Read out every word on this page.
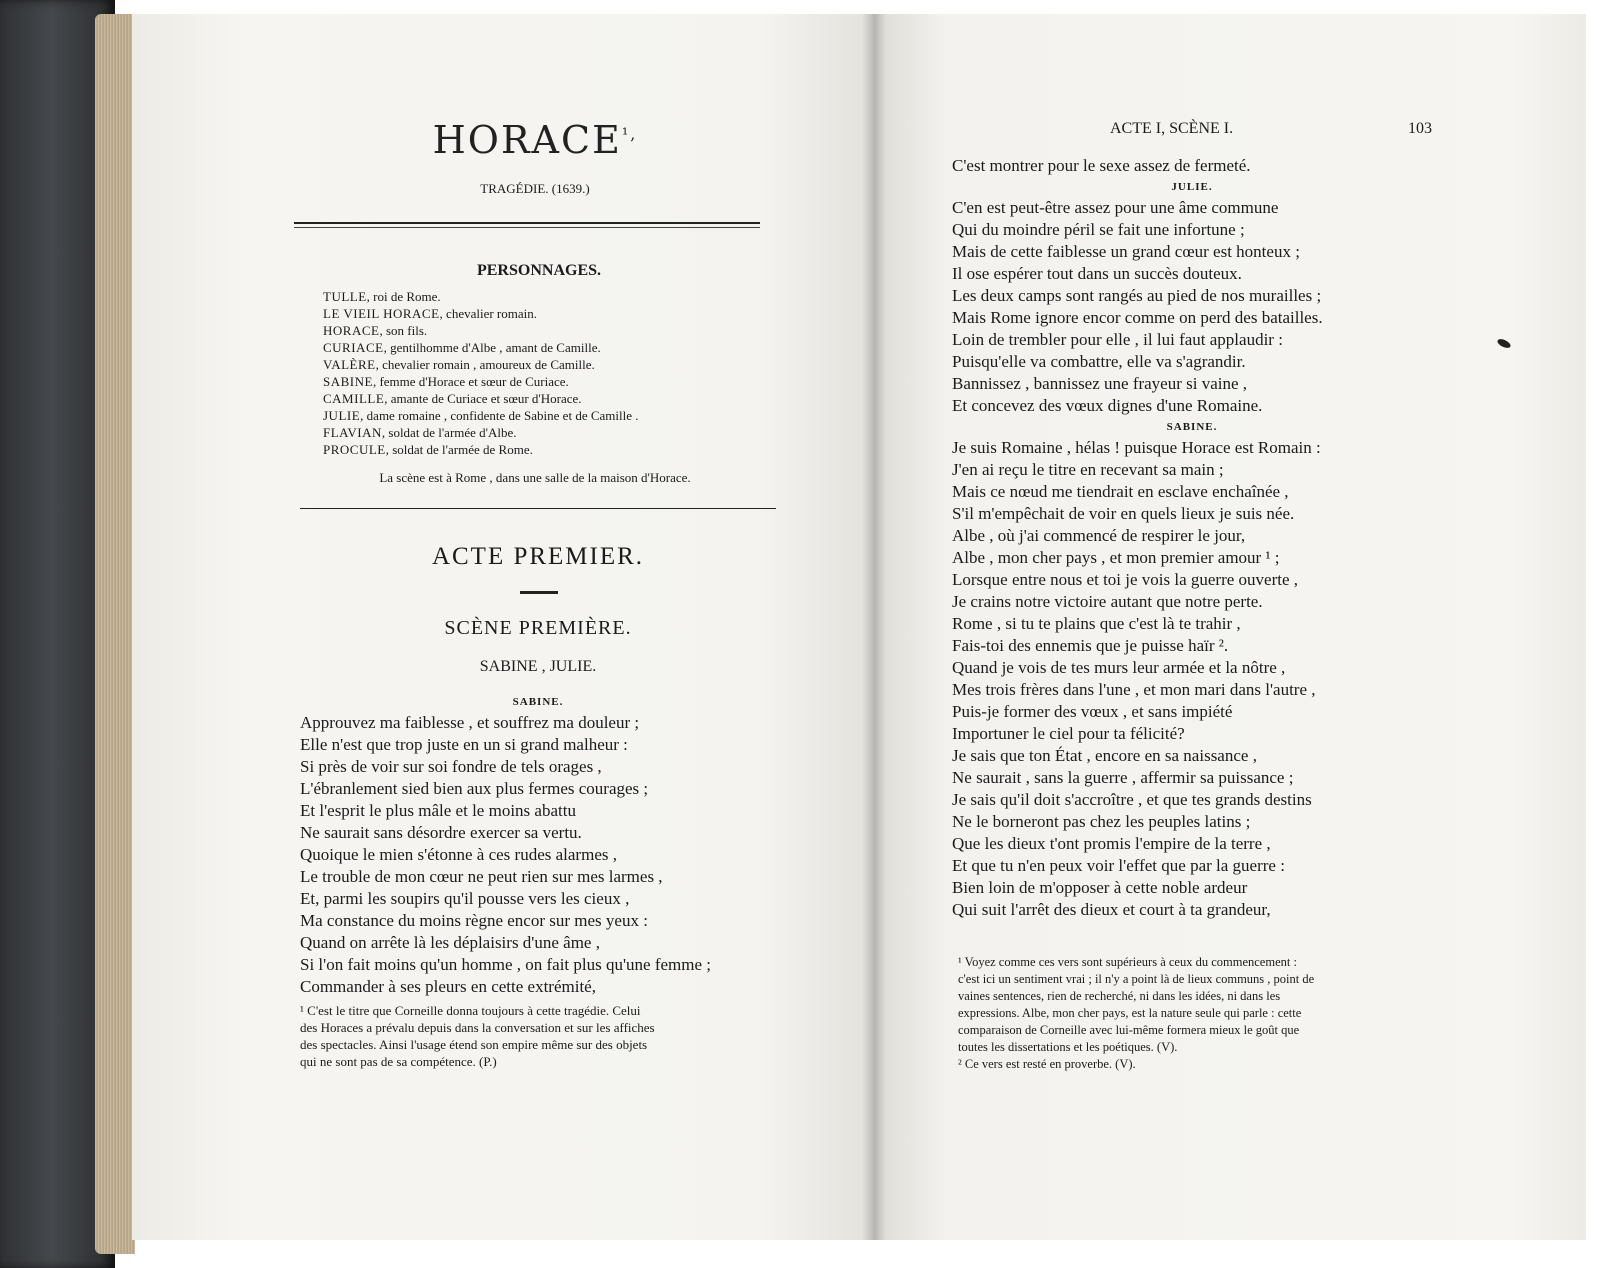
$HORACE^{^1,}$
TRAGÉDIE. (1639.)
PERSONNAGES.
TULLE, roi de Rome.
LE VIEIL HORACE, chevalier romain.
HORACE, son fils.
CURIACE, gentilhomme d'Albe , amant de Camille.
VALÈRE, chevalier romain , amoureux de Camille.
SABINE, femme d'Horace et sœur de Curiace.
CAMILLE, amante de Curiace et sœur d'Horace.
JULIE, dame romaine , confidente de Sabine et de Camille .
FLAVIAN, soldat de l'armée d'Albe.
PROCULE, soldat de l'armée de Rome.
La scène est à Rome , dans une salle de la maison d'Horace.
ACTE PREMIER.
SCÈNE PREMIÈRE.
SABINE , JULIE.
SABINE.
Approuvez ma faiblesse , et souffrez ma douleur ;
Elle n'est que trop juste en un si grand malheur :
Si près de voir sur soi fondre de tels orages ,
L'ébranlement sied bien aux plus fermes courages ;
Et l'esprit le plus mâle et le moins abattu
Ne saurait sans désordre exercer sa vertu.
Quoique le mien s'étonne à ces rudes alarmes ,
Le trouble de mon cœur ne peut rien sur mes larmes ,
Et, parmi les soupirs qu'il pousse vers les cieux ,
Ma constance du moins règne encor sur mes yeux :
Quand on arrête là les déplaisirs d'une âme ,
Si l'on fait moins qu'un homme , on fait plus qu'une femme ;
Commander à ses pleurs en cette extrémité,
¹ C'est le titre que Corneille donna toujours à cette tragédie. Celui
des Horaces a prévalu depuis dans la conversation et sur les affiches
des spectacles. Ainsi l'usage étend son empire même sur des objets
qui ne sont pas de sa compétence. (P.)
ACTE I, SCÈNE I.	103
C'est montrer pour le sexe assez de fermeté.
JULIE.
C'en est peut-être assez pour une âme commune
Qui du moindre péril se fait une infortune ;
Mais de cette faiblesse un grand cœur est honteux ;
Il ose espérer tout dans un succès douteux.
Les deux camps sont rangés au pied de nos murailles ;
Mais Rome ignore encor comme on perd des batailles.
Loin de trembler pour elle , il lui faut applaudir :
Puisqu'elle va combattre, elle va s'agrandir.
Bannissez , bannissez une frayeur si vaine ,
Et concevez des vœux dignes d'une Romaine.
SABINE.
Je suis Romaine , hélas ! puisque Horace est Romain :
J'en ai reçu le titre en recevant sa main ;
Mais ce nœud me tiendrait en esclave enchaînée ,
S'il m'empêchait de voir en quels lieux je suis née.
Albe , où j'ai commencé de respirer le jour,
Albe , mon cher pays , et mon premier amour ¹ ;
Lorsque entre nous et toi je vois la guerre ouverte ,
Je crains notre victoire autant que notre perte.
Rome , si tu te plains que c'est là te trahir ,
Fais-toi des ennemis que je puisse haïr ².
Quand je vois de tes murs leur armée et la nôtre ,
Mes trois frères dans l'une , et mon mari dans l'autre ,
Puis-je former des vœux , et sans impiété
Importuner le ciel pour ta félicité?
Je sais que ton État , encore en sa naissance ,
Ne saurait , sans la guerre , affermir sa puissance ;
Je sais qu'il doit s'accroître , et que tes grands destins
Ne le borneront pas chez les peuples latins ;
Que les dieux t'ont promis l'empire de la terre ,
Et que tu n'en peux voir l'effet que par la guerre :
Bien loin de m'opposer à cette noble ardeur
Qui suit l'arrêt des dieux et court à ta grandeur,
¹ Voyez comme ces vers sont supérieurs à ceux du commencement :
c'est ici un sentiment vrai ; il n'y a point là de lieux communs , point de
vaines sentences, rien de recherché, ni dans les idées, ni dans les
expressions. Albe, mon cher pays, est la nature seule qui parle : cette
comparaison de Corneille avec lui-même formera mieux le goût que
toutes les dissertations et les poétiques. (V).
² Ce vers est resté en proverbe. (V).
